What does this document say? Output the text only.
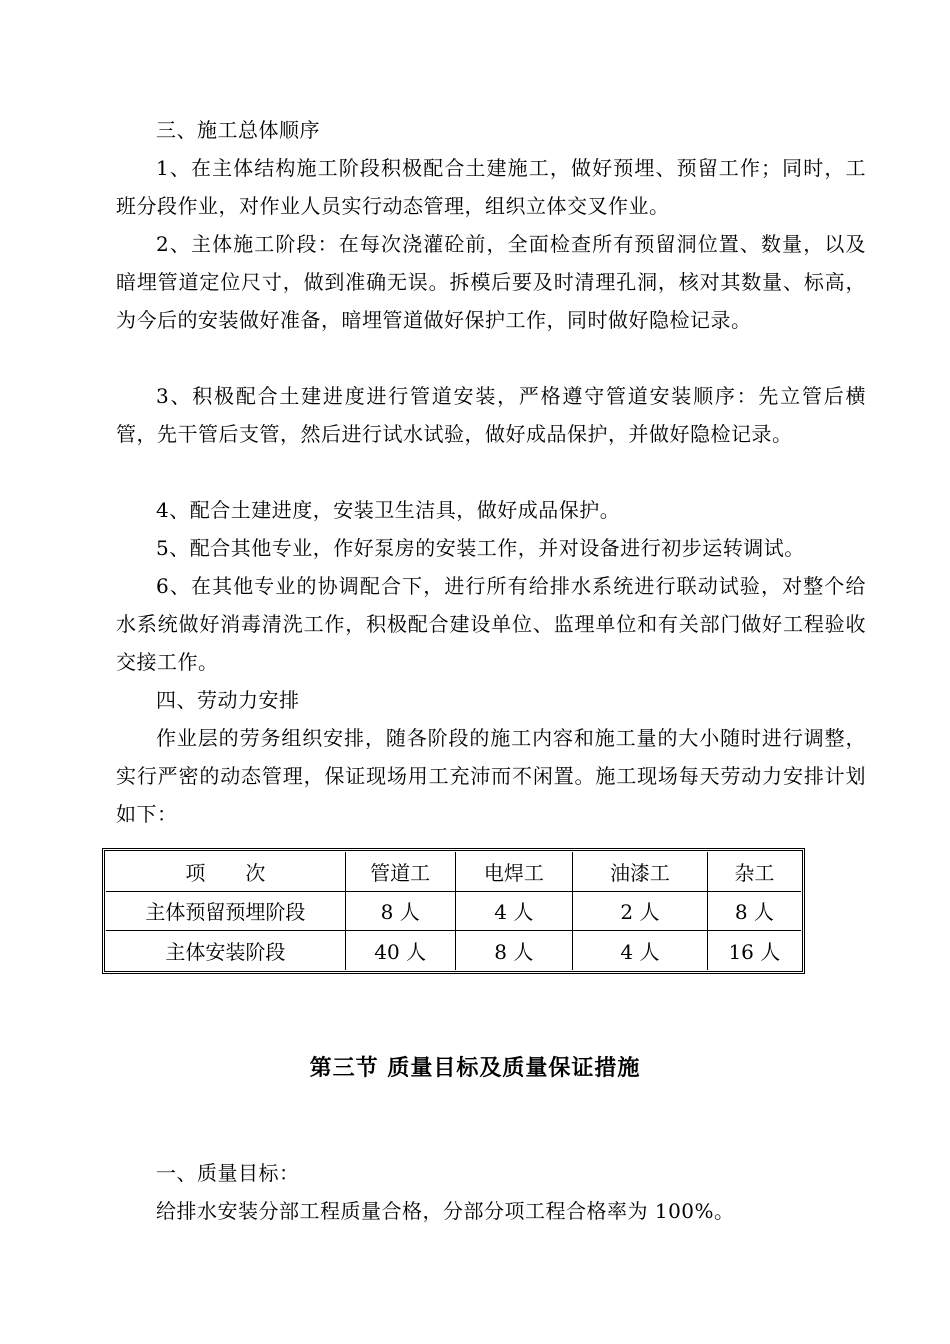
三、施工总体顺序

1、在主体结构施工阶段积极配合土建施工，做好预埋、预留工作；同时，工班分段作业，对作业人员实行动态管理，组织立体交叉作业。

2、主体施工阶段：在每次浇灌砼前，全面检查所有预留洞位置、数量，以及暗埋管道定位尺寸，做到准确无误。拆模后要及时清理孔洞，核对其数量、标高，为今后的安装做好准备，暗埋管道做好保护工作，同时做好隐检记录。

3、积极配合土建进度进行管道安装，严格遵守管道安装顺序：先立管后横管，先干管后支管，然后进行试水试验，做好成品保护，并做好隐检记录。

4、配合土建进度，安装卫生洁具，做好成品保护。

5、配合其他专业，作好泵房的安装工作，并对设备进行初步运转调试。

6、在其他专业的协调配合下，进行所有给排水系统进行联动试验，对整个给水系统做好消毒清洗工作，积极配合建设单位、监理单位和有关部门做好工程验收交接工作。

四、劳动力安排

作业层的劳务组织安排，随各阶段的施工内容和施工量的大小随时进行调整，实行严密的动态管理，保证现场用工充沛而不闲置。施工现场每天劳动力安排计划如下：

项　　次	管道工	电焊工	油漆工	杂工
主体预留预埋阶段	8 人	4 人	2 人	8 人
主体安装阶段	40 人	8 人	4 人	16 人
第三节 质量目标及质量保证措施

一、质量目标：

给排水安装分部工程质量合格，分部分项工程合格率为 100%。
